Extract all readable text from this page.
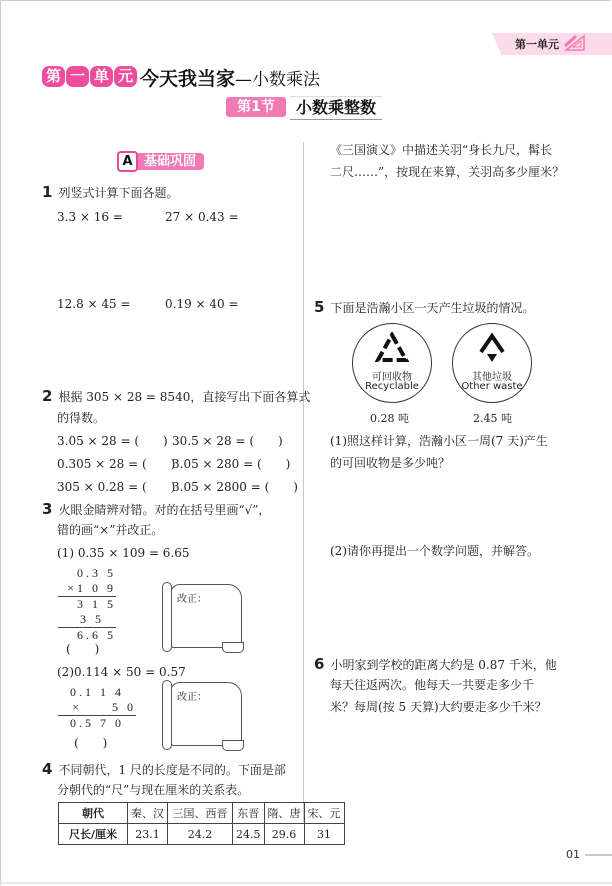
第一单元
第 一 单 元 今天我当家—小数乘法
第1节	小数乘整数
A 基础巩固
1 列竖式计算下面各题。
3.3 × 16 =	27 × 0.43 =
12.8 × 45 =	0.19 × 40 =
2 根据 305 × 28 = 8540，直接写出下面各算式
的得数。
3.05 × 28 = (　　) 30.5 × 28 = (　　)
0.305 × 28 = (　　)
3.05 × 280 = (　　)
305 × 0.28 = (　　)
3.05 × 2800 = (　　)
3 火眼金睛辨对错。对的在括号里画“√”，
错的画“×”并改正。
(1) 0.35 × 109 = 6.65
0.3 5
×1 0 9
3 1 5
3 5
6.6 5
(　　)
改正：
(2)0.114 × 50 = 0.57
0.1 1 4
×　　5 0
0.5 7 0
(　　)
改正：
4 不同朝代，1 尺的长度是不同的。下面是部
分朝代的“尺”与现在厘米的关系表。
朝代	秦、汉	三国、西晋	东晋	隋、唐	宋、元
尺长/厘米	23.1	24.2	24.5	29.6	31
《三国演义》中描述关羽“身长九尺，髯长
二尺……”，按现在来算，关羽高多少厘米？
5 下面是浩瀚小区一天产生垃圾的情况。
可回收物
Recyclable
其他垃圾
Other waste
0.28 吨	2.45 吨
(1)照这样计算，浩瀚小区一周(7 天)产生
的可回收物是多少吨？
(2)请你再提出一个数学问题，并解答。
6 小明家到学校的距离大约是 0.87 千米，他
每天往返两次。他每天一共要走多少千
米？每周(按 5 天算)大约要走多少千米？
01
